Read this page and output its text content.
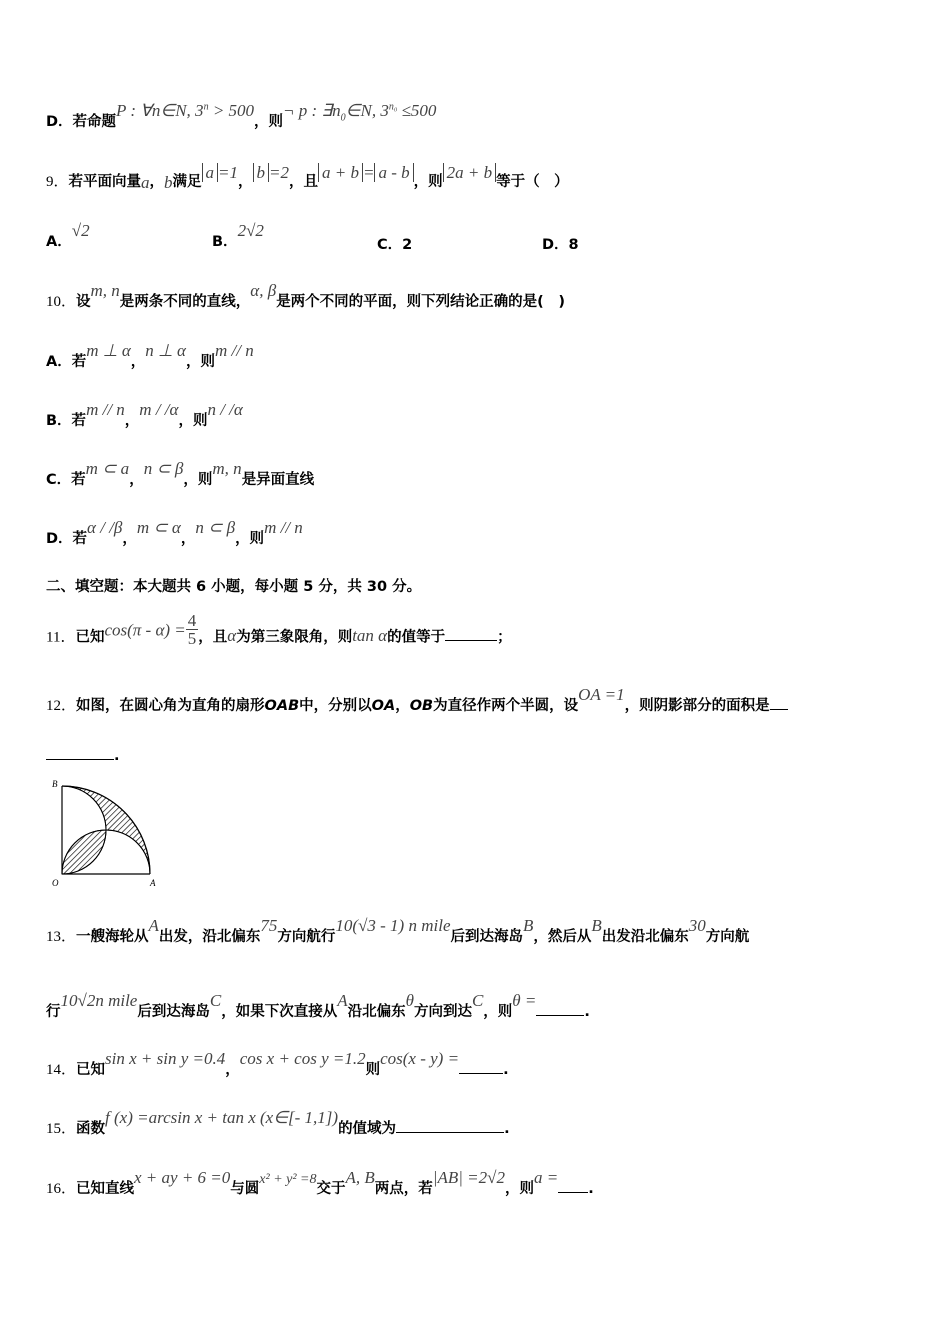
D．若命题P : ∀n∈N, $3^n > 500$，则¬ p : $\exists n_0\in N$, $3^{n_0} \le 500$
9．若平面向量a，b满足 a =1， b =2，且 a + b = a - b ，则 2a + b 等于（　）
A．√2
B．2√2
C．2	D．8
10．设m, n是两条不同的直线，α, β是两个不同的平面，则下列结论正确的是(　)
A．若m ⊥ α，n ⊥ α，则m // n
B．若m // n，m / /α，则n / /α
C．若m ⊂ a，n ⊂ β，则m, n是异面直线
D．若α / /β，m ⊂ α，n ⊂ β，则m // n
二、填空题：本大题共 6 小题，每小题 5 分，共 30 分。
11．已知$\cos(\pi - \alpha) = \frac{4}{5}$ ，且α为第三象限角，则tan α的值等于	；
12．如图，在圆心角为直角的扇形OAB中，分别以OA，OB为直径作两个半圆，设OA =1，则阴影部分的面积是
.
B
O	A
13．一艘海轮从A出发，沿北偏东75方向航行10(√3 - 1) n mile后到达海岛B，然后从B出发沿北偏东30方向航
行10√2n mile后到达海岛C，如果下次直接从A沿北偏东θ方向到达C，则θ =.
14．已知sin x + sin y =0.4，cos x + cos y =1.2则cos(x - y) =.
15．函数f (x) =arcsin x + tan x (x∈[- 1,1])的值域为	.
16．已知直线x + ay + 6 =0与圆x² + y² =8交于A, B两点，若|AB| =2√2，则a =.
